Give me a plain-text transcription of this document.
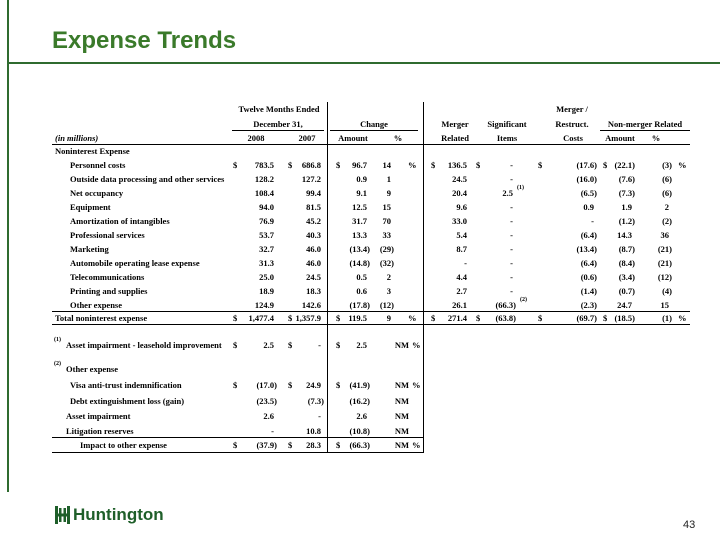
Expense Trends
Twelve Months Ended	Merger /
December 31,	Change	Merger	Significant	Restruct.	Non-merger Related
(in millions)	2008	2007	Amount	%	Related	Items	Costs	Amount	%
Noninterest Expense
Personnel costs	$ 783.5 $ 686.8 $ 96.7 14 % $ 136.5 $	-	$	(17.6) $ (22.1)	(3) %
Outside data processing and other services	128.2	127.2	0.9 1	24.5	-	(16.0)	(7.6)	(6)
Net occupancy	108.4	99.4	9.1 9	20.4	2.5 (1)	(6.5)	(7.3)	(6)
Equipment	94.0	81.5	12.5 15	9.6	-	0.9	1.9	2
Amortization of intangibles	76.9	45.2	31.7 70	33.0	-	-	(1.2)	(2)
Professional services	53.7	40.3	13.3 33	5.4	-	(6.4) 14.3	36
Marketing	32.7	46.0	(13.4) (29)	8.7	-	(13.4)	(8.7)	(21)
Automobile operating lease expense	31.3	46.0	(14.8) (32)	-	-	(6.4)	(8.4)	(21)
Telecommunications	25.0	24.5	0.5 2	4.4	-	(0.6)	(3.4)	(12)
Printing and supplies	18.9	18.3	0.6 3	2.7	-	(1.4)	(0.7)	(4)
Other expense	124.9	142.6	(17.8) (12)	26.1	(66.3) (2)	(2.3) 24.7	15
Total noninterest expense	$ 1,477.4 $ 1,357.9 $ 119.5 9 % $ 271.4 $ (63.8)	$	(69.7) $ (18.5)	(1) %
(1) Asset impairment - leasehold improvement $	2.5 $	- $ 2.5	NM %
(2) Other expense
Visa anti-trust indemnification	$ (17.0) $ 24.9 $ (41.9)	NM %
Debt extinguishment loss (gain)	(23.5)	(7.3)	(16.2)	NM
Asset impairment	2.6	-	2.6	NM
Litigation reserves	-	10.8	(10.8)	NM
Impact to other expense	$ (37.9) $ 28.3 $ (66.3)	NM %
Huntington
43
